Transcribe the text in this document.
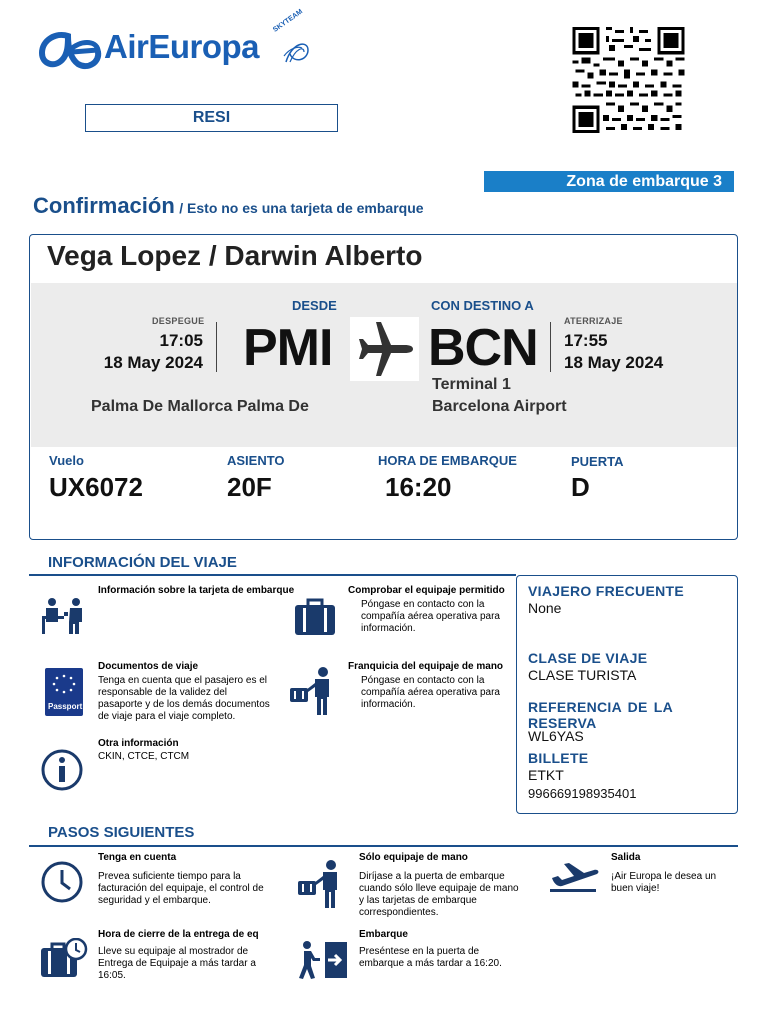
AirEuropa
SKYTEAM
RESI
Zona de embarque 3
Confirmación / Esto no es una tarjeta de embarque
Vega Lopez / Darwin Alberto
DESPEGUE
17:05
18 May 2024
DESDE
PMI
CON DESTINO A
BCN	ATERRIZAJE
17:55
18 May 2024
Terminal 1
Palma De Mallorca Palma De	Barcelona Airport
Vuelo
UX6072
ASIENTO
20F
HORA DE EMBARQUE
16:20
PUERTA
D
INFORMACIÓN DEL VIAJE
Información sobre la tarjeta de embarque	Comprobar el equipaje permitido
Póngase en contacto con la compañía aérea operativa para información.
Passport
Documentos de viaje
Tenga en cuenta que el pasajero es el responsable de la validez del pasaporte y de los demás documentos de viaje para el viaje completo.
Franquicia del equipaje de mano
Póngase en contacto con la compañía aérea operativa para información.
Otra información
CKIN, CTCE, CTCM
VIAJERO FRECUENTE
None
CLASE DE VIAJE
CLASE TURISTA
REFERENCIA DE LA
RESERVA
WL6YAS
BILLETE
ETKT
996669198935401
PASOS SIGUIENTES
Tenga en cuenta
Prevea suficiente tiempo para la facturación del equipaje, el control de seguridad y el embarque.
Sólo equipaje de mano
Diríjase a la puerta de embarque cuando sólo lleve equipaje de mano y las tarjetas de embarque correspondientes.
Salida
¡Air Europa le desea un buen viaje!
Hora de cierre de la entrega de eq
Lleve su equipaje al mostrador de Entrega de Equipaje a más tardar a 16:05.
Embarque
Preséntese en la puerta de embarque a más tardar a 16:20.
